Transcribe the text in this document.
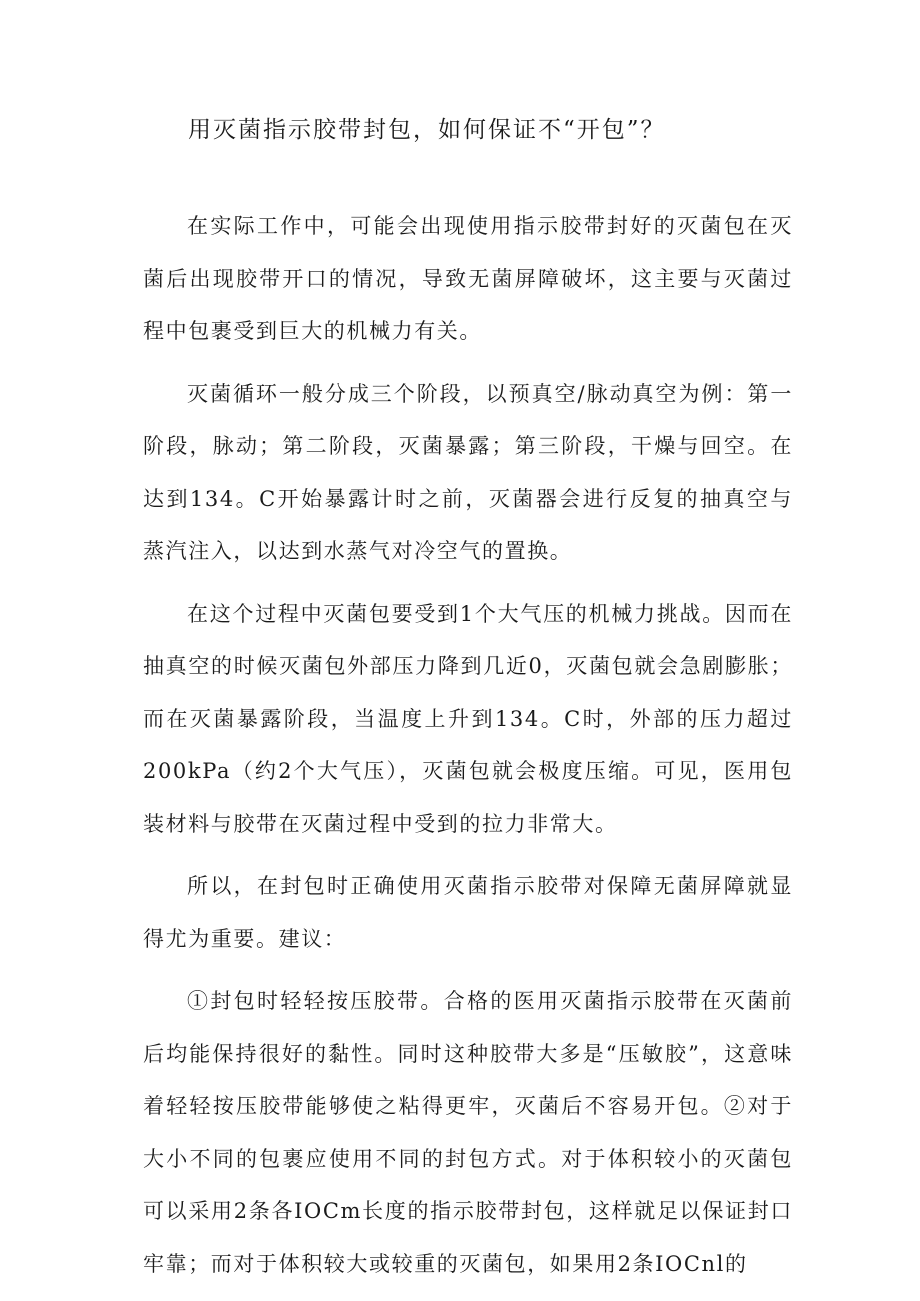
用灭菌指示胶带封包，如何保证不“开包”？

在实际工作中，可能会出现使用指示胶带封好的灭菌包在灭菌后出现胶带开口的情况，导致无菌屏障破坏，这主要与灭菌过程中包裹受到巨大的机械力有关。

灭菌循环一般分成三个阶段，以预真空/脉动真空为例：第一阶段，脉动；第二阶段，灭菌暴露；第三阶段，干燥与回空。在达到134。C开始暴露计时之前，灭菌器会进行反复的抽真空与蒸汽注入，以达到水蒸气对冷空气的置换。

在这个过程中灭菌包要受到1个大气压的机械力挑战。因而在抽真空的时候灭菌包外部压力降到几近0，灭菌包就会急剧膨胀；而在灭菌暴露阶段，当温度上升到134。C时，外部的压力超过200kPa（约2个大气压），灭菌包就会极度压缩。可见，医用包装材料与胶带在灭菌过程中受到的拉力非常大。

所以，在封包时正确使用灭菌指示胶带对保障无菌屏障就显得尤为重要。建议：

①封包时轻轻按压胶带。合格的医用灭菌指示胶带在灭菌前后均能保持很好的黏性。同时这种胶带大多是“压敏胶”，这意味着轻轻按压胶带能够使之粘得更牢，灭菌后不容易开包。②对于大小不同的包裹应使用不同的封包方式。对于体积较小的灭菌包可以采用2条各IOCm长度的指示胶带封包，这样就足以保证封口牢靠；而对于体积较大或较重的灭菌包，如果用2条IOCnl的
